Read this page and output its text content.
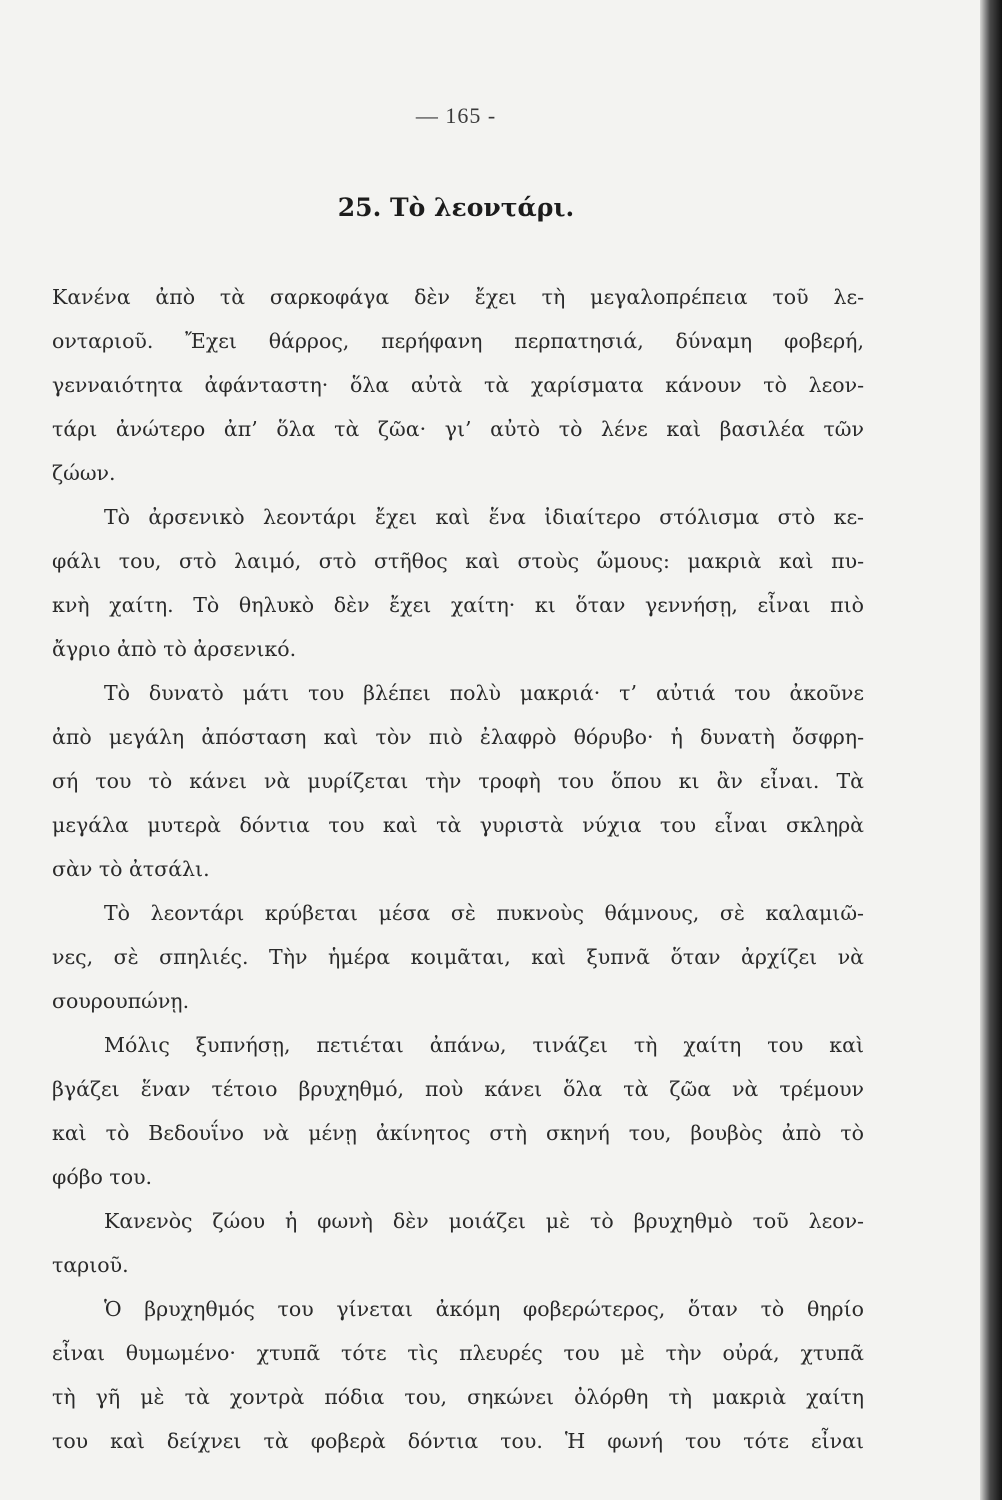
— 165 -
25. Τὸ λεοντάρι.
Κανένα ἀπὸ τὰ σαρκοφάγα δὲν ἔχει τὴ μεγαλοπρέπεια τοῦ λε-
ονταριοῦ. Ἔχει θάρρος, περήφανη περπατησιά, δύναμη φοβερή,
γενναιότητα ἀφάνταστη· ὅλα αὐτὰ τὰ χαρίσματα κάνουν τὸ λεον-
τάρι ἀνώτερο ἀπ’ ὅλα τὰ ζῶα· γι’ αὐτὸ τὸ λένε καὶ βασιλέα τῶν
ζώων.
Τὸ ἀρσενικὸ λεοντάρι ἔχει καὶ ἕνα ἰδιαίτερο στόλισμα στὸ κε-
φάλι του, στὸ λαιμό, στὸ στῆθος καὶ στοὺς ὤμους: μακριὰ καὶ πυ-
κνὴ χαίτη. Τὸ θηλυκὸ δὲν ἔχει χαίτη· κι ὅταν γεννήσῃ, εἶναι πιὸ
ἄγριο ἀπὸ τὸ ἀρσενικό.
Τὸ δυνατὸ μάτι του βλέπει πολὺ μακριά· τ’ αὐτιά του ἀκοῦνε
ἀπὸ μεγάλη ἀπόσταση καὶ τὸν πιὸ ἐλαφρὸ θόρυβο· ἡ δυνατὴ ὄσφρη-
σή του τὸ κάνει νὰ μυρίζεται τὴν τροφὴ του ὅπου κι ἂν εἶναι. Τὰ
μεγάλα μυτερὰ δόντια του καὶ τὰ γυριστὰ νύχια του εἶναι σκληρὰ
σὰν τὸ ἀτσάλι.
Τὸ λεοντάρι κρύβεται μέσα σὲ πυκνοὺς θάμνους, σὲ καλαμιῶ-
νες, σὲ σπηλιές. Τὴν ἡμέρα κοιμᾶται, καὶ ξυπνᾶ ὅταν ἀρχίζει νὰ
σουρουπώνῃ.
Μόλις ξυπνήσῃ, πετιέται ἀπάνω, τινάζει τὴ χαίτη του καὶ
βγάζει ἕναν τέτοιο βρυχηθμό, ποὺ κάνει ὅλα τὰ ζῶα νὰ τρέμουν
καὶ τὸ Βεδουΐνο νὰ μένῃ ἀκίνητος στὴ σκηνή του, βουβὸς ἀπὸ τὸ
φόβο του.
Κανενὸς ζώου ἡ φωνὴ δὲν μοιάζει μὲ τὸ βρυχηθμὸ τοῦ λεον-
ταριοῦ.
Ὁ βρυχηθμός του γίνεται ἀκόμη φοβερώτερος, ὅταν τὸ θηρίο
εἶναι θυμωμένο· χτυπᾶ τότε τὶς πλευρές του μὲ τὴν οὐρά, χτυπᾶ
τὴ γῆ μὲ τὰ χοντρὰ πόδια του, σηκώνει ὀλόρθη τὴ μακριὰ χαίτη
του καὶ δείχνει τὰ φοβερὰ δόντια του. Ἡ φωνή του τότε εἶναι
